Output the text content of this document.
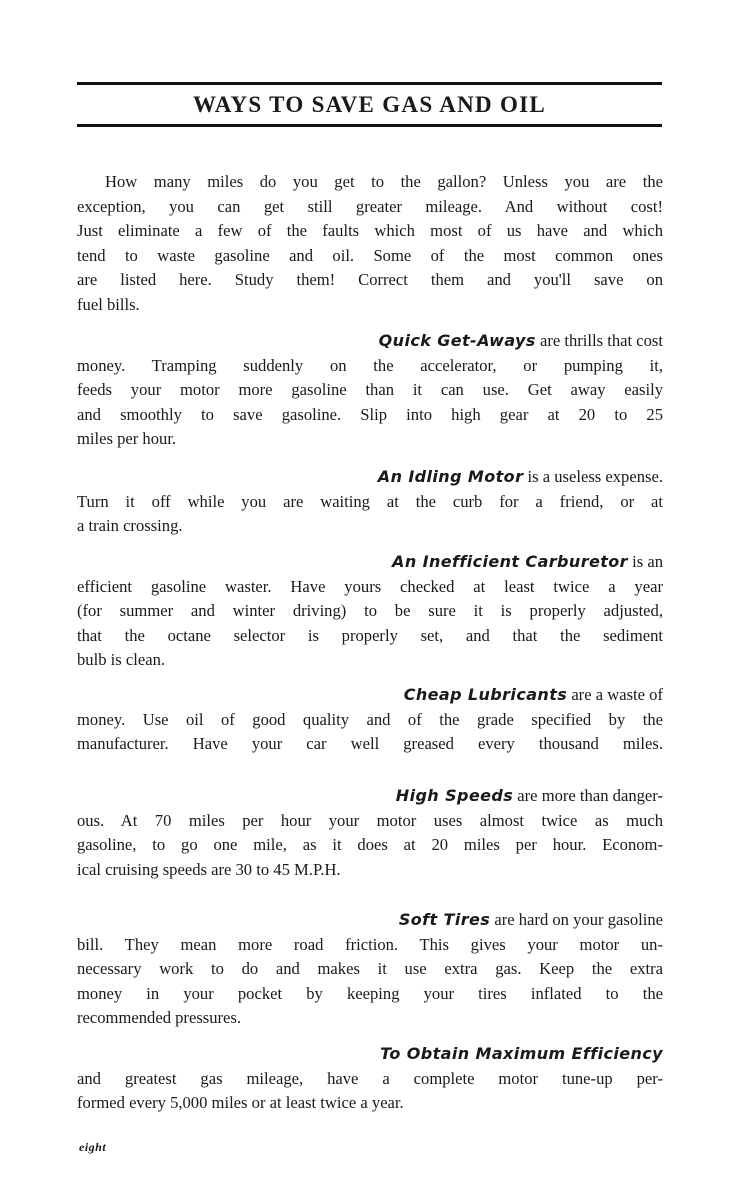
WAYS TO SAVE GAS AND OIL
How many miles do you get to the gallon? Unless you are the
exception, you can get still greater mileage. And without cost!
Just eliminate a few of the faults which most of us have and which
tend to waste gasoline and oil. Some of the most common ones
are listed here. Study them! Correct them and you'll save on
fuel bills.
Quick Get-Aways are thrills that cost
money. Tramping suddenly on the accelerator, or pumping it,
feeds your motor more gasoline than it can use. Get away easily
and smoothly to save gasoline. Slip into high gear at 20 to 25
miles per hour.
An Idling Motor is a useless expense.
Turn it off while you are waiting at the curb for a friend, or at
a train crossing.
An Inefficient Carburetor is an
efficient gasoline waster. Have yours checked at least twice a year
(for summer and winter driving) to be sure it is properly adjusted,
that the octane selector is properly set, and that the sediment
bulb is clean.
Cheap Lubricants are a waste of
money. Use oil of good quality and of the grade specified by the
manufacturer. Have your car well greased every thousand miles.
High Speeds are more than danger-
ous. At 70 miles per hour your motor uses almost twice as much
gasoline, to go one mile, as it does at 20 miles per hour. Econom-
ical cruising speeds are 30 to 45 M.P.H.
Soft Tires are hard on your gasoline
bill. They mean more road friction. This gives your motor un-
necessary work to do and makes it use extra gas. Keep the extra
money in your pocket by keeping your tires inflated to the
recommended pressures.
To Obtain Maximum Efficiency
and greatest gas mileage, have a complete motor tune-up per-
formed every 5,000 miles or at least twice a year.
eight
